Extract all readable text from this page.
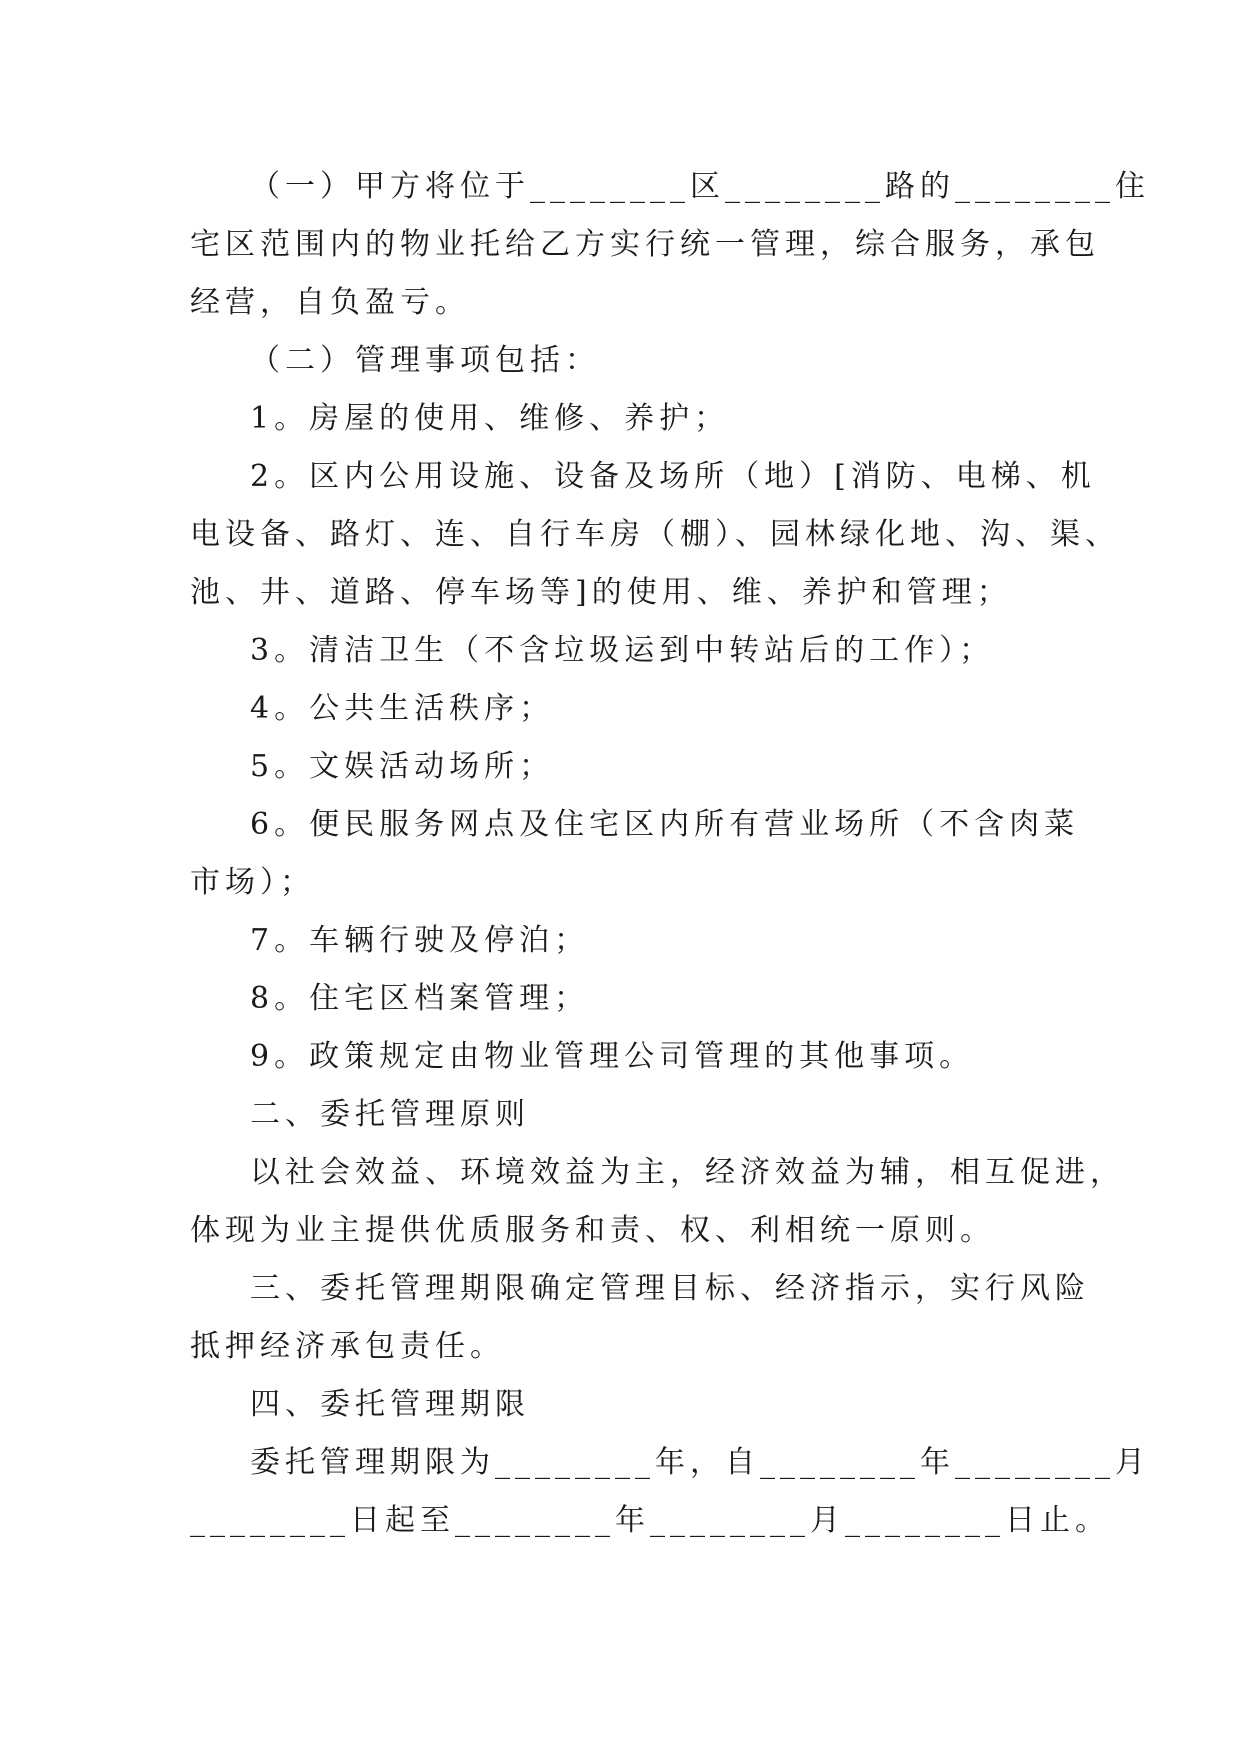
（一）甲方将位于________区________路的________住
宅区范围内的物业托给乙方实行统一管理，综合服务，承包
经营，自负盈亏。
（二）管理事项包括：
1。房屋的使用、维修、养护；
2。区内公用设施、设备及场所（地）[消防、电梯、机
电设备、路灯、连、自行车房（棚）、园林绿化地、沟、渠、
池、井、道路、停车场等]的使用、维、养护和管理；
3。清洁卫生（不含垃圾运到中转站后的工作）；
4。公共生活秩序；
5。文娱活动场所；
6。便民服务网点及住宅区内所有营业场所（不含肉菜
市场）；
7。车辆行驶及停泊；
8。住宅区档案管理；
9。政策规定由物业管理公司管理的其他事项。
二、委托管理原则
以社会效益、环境效益为主，经济效益为辅，相互促进，
体现为业主提供优质服务和责、权、利相统一原则。
三、委托管理期限确定管理目标、经济指示，实行风险
抵押经济承包责任。
四、委托管理期限
委托管理期限为________年，自________年________月
________日起至________年________月________日止。
